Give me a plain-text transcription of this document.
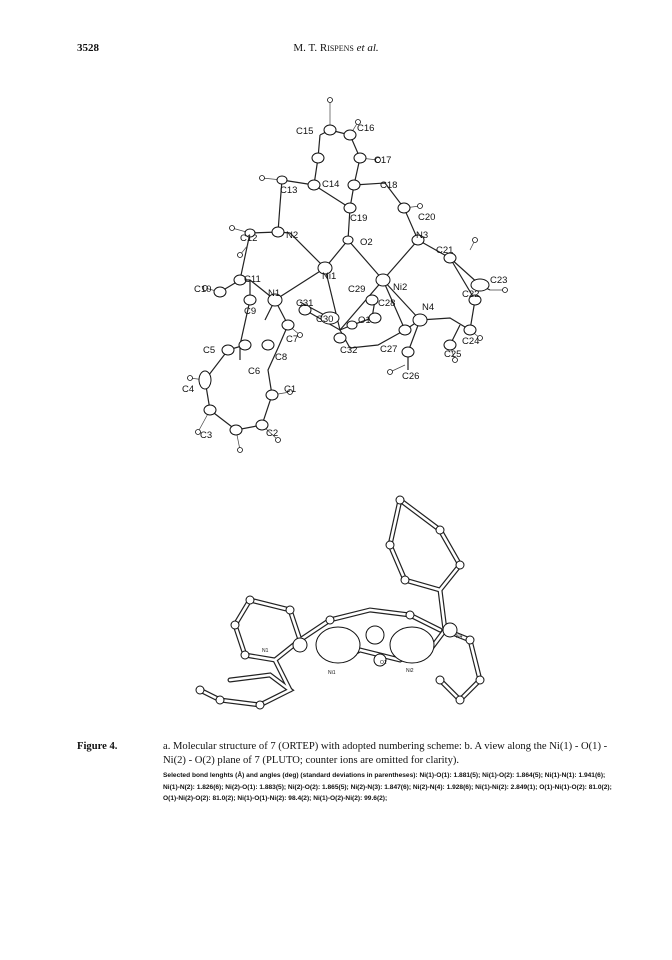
3528	M. T. Rispens et al.
C15	C16
C17
C13
C14	C18
C19	C20
C12	N2
O2
N3
C21
C23
Ni1
Ni2
C11
C10	N1	C29	C22
C9
C31	C28	N4
C30	O1
C24
C5
C7
C32 C27	C25
C8
C6	C26
C4	C1
C3	C2
N1
Ni1
O1
Ni2
N4
Figure 4.	a. Molecular structure of 7 (ORTEP) with adopted numbering scheme: b. A view along the Ni(1) - O(1) - Ni(2) - O(2) plane of 7 (PLUTO; counter ions are omitted for clarity).
Selected bond lenghts (Å) and angles (deg) (standard deviations in parentheses): Ni(1)-O(1): 1.881(5); Ni(1)-O(2): 1.864(5); Ni(1)-N(1): 1.941(6); Ni(1)-N(2): 1.826(6); Ni(2)-O(1): 1.883(5); Ni(2)-O(2): 1.865(5); Ni(2)-N(3): 1.847(6); Ni(2)-N(4): 1.928(6); Ni(1)-Ni(2): 2.849(1); O(1)-Ni(1)-O(2): 81.0(2); O(1)-Ni(2)-O(2): 81.0(2); Ni(1)-O(1)-Ni(2): 98.4(2); Ni(1)-O(2)-Ni(2): 99.6(2);
